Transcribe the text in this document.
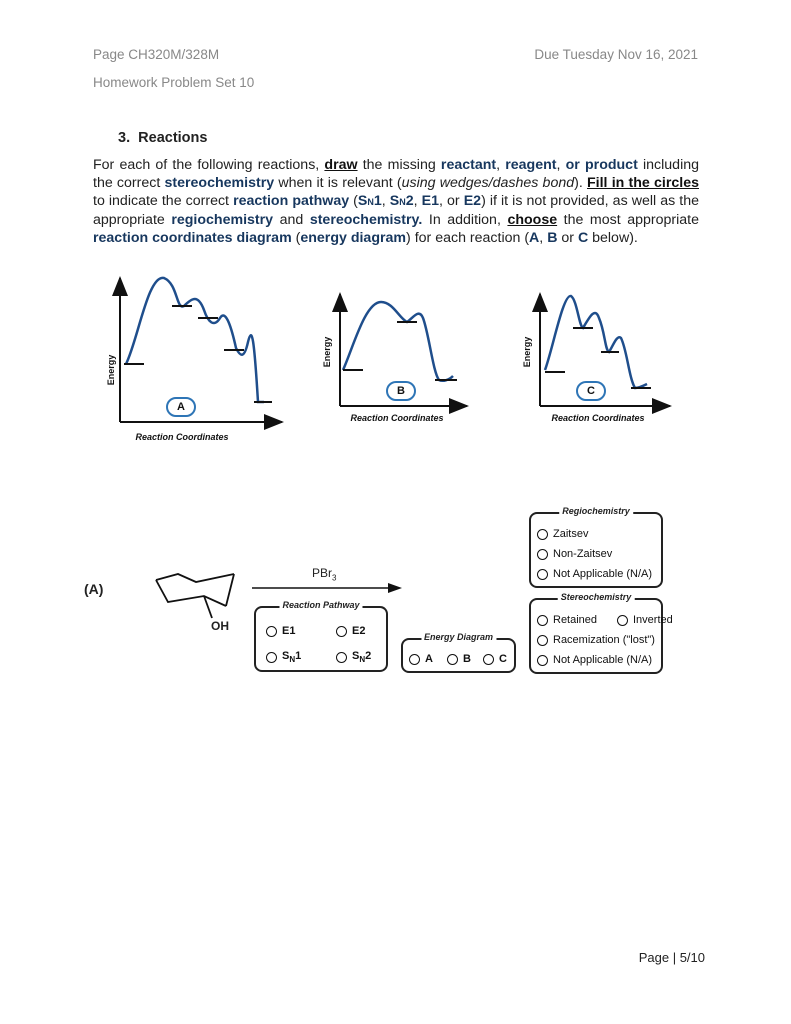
Page CH320M/328M
Homework Problem Set 10
Due Tuesday Nov 16, 2021
3. Reactions
For each of the following reactions, draw the missing reactant, reagent, or product including the correct stereochemistry when it is relevant (using wedges/dashes bond). Fill in the circles to indicate the correct reaction pathway (SN1, SN2, E1, or E2) if it is not provided, as well as the appropriate regiochemistry and stereochemistry. In addition, choose the most appropriate reaction coordinates diagram (energy diagram) for each reaction (A, B or C below).
Energy
Reaction Coordinates
A
Energy
Reaction Coordinates
B
Energy
Reaction Coordinates
C
(A)
OH
PBr$_3$
Reaction Pathway
E1	E2
$S_N1$	$S_N2$
Energy Diagram
A	B	C
Regiochemistry
Zaitsev
Non-Zaitsev
Not Applicable (N/A)
Stereochemistry
Retained	Inverted
Racemization ("lost")
Not Applicable (N/A)
Page | 5/10
